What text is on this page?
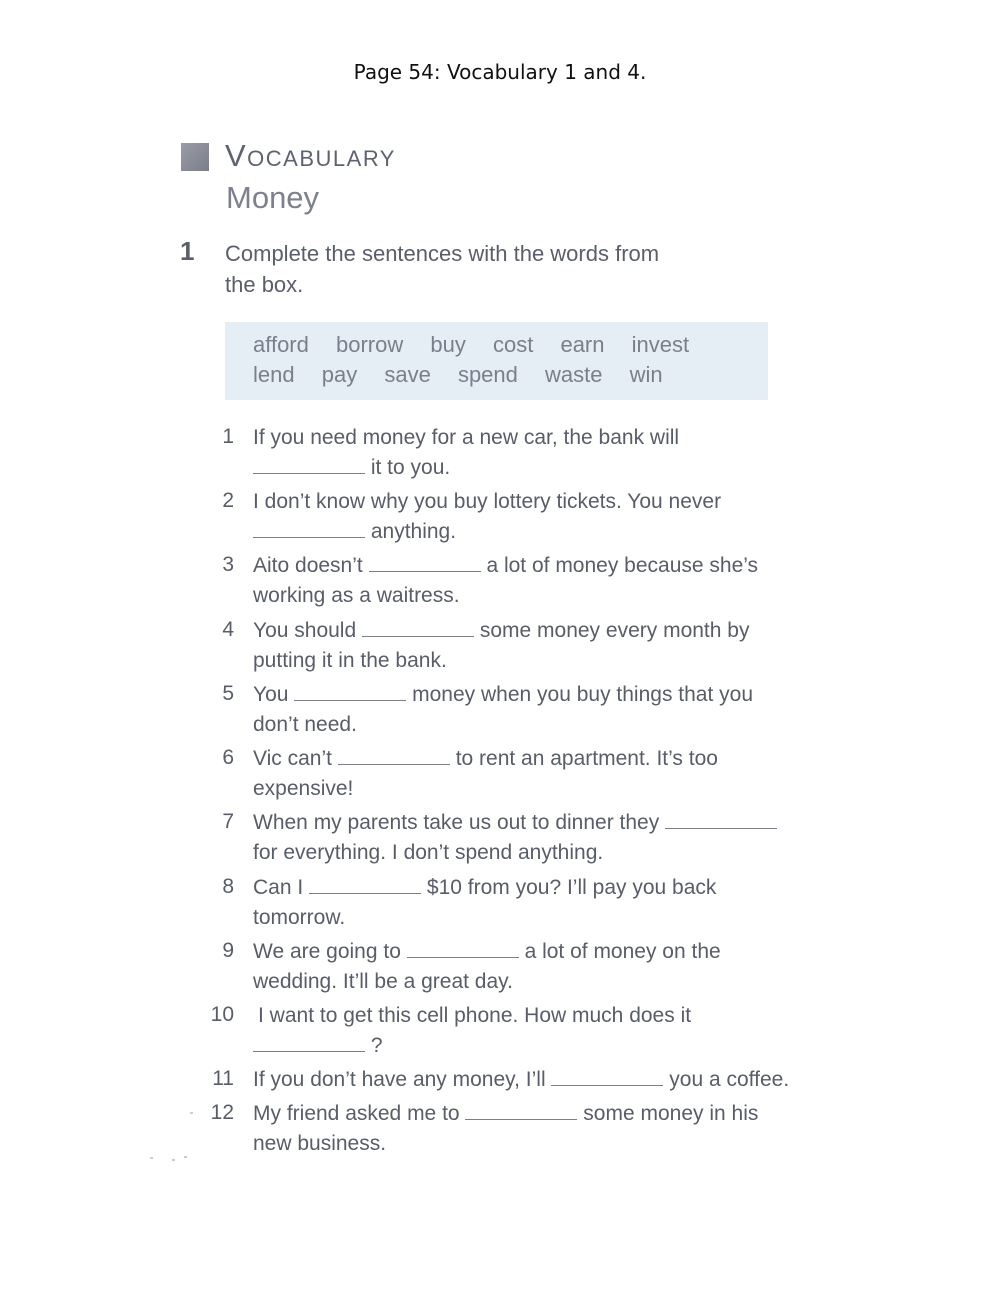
Page 54: Vocabulary 1 and 4.
Vocabulary
Money
1 Complete the sentences with the words from
the box.
afford borrow buy cost earn invest
lend pay save spend waste win
1 If you need money for a new car, the bank will
it to you.
2 I don’t know why you buy lottery tickets. You never
anything.
3 Aito doesn’t	a lot of money because she’s
working as a waitress.
4 You should	some money every month by
putting it in the bank.
5 You	money when you buy things that you
don’t need.
6 Vic can’t	to rent an apartment. It’s too
expensive!
7 When my parents take us out to dinner they
for everything. I don’t spend anything.
8 Can I	$10 from you? I’ll pay you back
tomorrow.
9 We are going to	a lot of money on the
wedding. It’ll be a great day.
10 I want to get this cell phone. How much does it
?
11 If you don’t have any money, I’ll	you a coffee.
12 My friend asked me to	some money in his
new business.
